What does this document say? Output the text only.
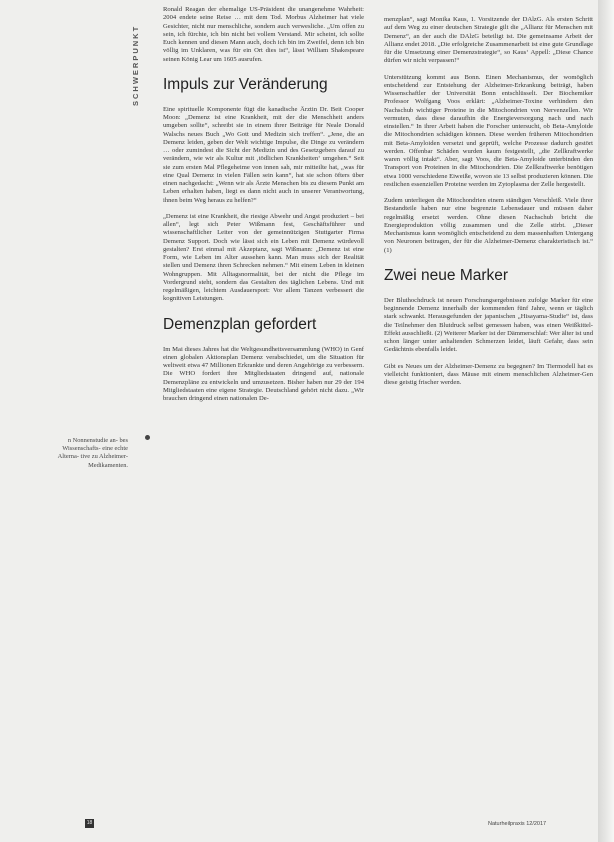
SCHWERPUNKT
n Nonnenstudie an- bes Wissenschafts- eine echte Alterna- tive zu Alzheimer- Medikamenten.

Ronald Reagan der ehemalige US-Präsident die unangenehme Wahrheit: 2004 endete seine Reise … mit dem Tod. Morbus Alzheimer hat viele Gesichter, nicht nur menschliche, sondern auch verwesliche. „Um offen zu sein, ich fürchte, ich bin nicht bei vollem Verstand. Mir scheint, ich sollte Euch kennen und diesen Mann auch, doch ich bin im Zweifel, denn ich bin völlig im Unklaren, was für ein Ort dies ist“, lässt William Shakespeare seinen König Lear um 1605 ausrufen.

Impuls zur Veränderung

Eine spirituelle Komponente fügt die kanadische Ärztin Dr. Beit Cooper Moon: „Demenz ist eine Krankheit, mit der die Menschheit anders umgeben sollte“, schreibt sie in einem ihrer Beiträge für Neale Donald Walschs neues Buch „Wo Gott und Medizin sich treffen“. „Jene, die an Demenz leiden, geben der Welt wichtige Impulse, die Dinge zu verändern … oder zumindest die Sicht der Medizin und des Gesetzgebers darauf zu verändern, wie wir als Kultur mit ‚tödlichen Krankheiten‘ umgehen.“ Seit sie zum ersten Mal Pflegeheime von innen sah, mir mitteilte hat, „was für eine Qual Demenz in vielen Fällen sein kann“, hat sie schon öfters über einen nachgedacht: „Wenn wir als Ärzte Menschen bis zu diesem Punkt am Leben erhalten haben, liegt es dann nicht auch in unserer Verantwortung, ihnen beim Weg heraus zu helfen?“

„Demenz ist eine Krankheit, die riesige Abwehr und Angst produziert – bei allen“, legt sich Peter Wißmann fest, Geschäftsführer und wissenschaftlicher Leiter von der gemeinnützigen Stuttgarter Firma Demenz Support. Doch wie lässt sich ein Leben mit Demenz würdevoll gestalten? Erst einmal mit Akzeptanz, sagt Wißmann: „Demenz ist eine Form, wie Leben im Alter aussehen kann. Man muss sich der Realität stellen und Demenz ihren Schrecken nehmen.“ Mit einem Leben in kleinen Wohngruppen. Mit Alltagsnormalität, bei der nicht die Pflege im Vordergrund steht, sondern das Gestalten des täglichen Lebens. Und mit regelmäßigen, leichtem Ausdauersport: Vor allem Tanzen verbessert die kognitiven Leistungen.

Demenzplan gefordert

Im Mai dieses Jahres hat die Weltgesundheitsversammlung (WHO) in Genf einen globalen Aktionsplan Demenz verabschiedet, um die Situation für weltweit etwa 47 Millionen Erkrankte und deren Angehörige zu verbessern. Die WHO fordert ihre Mitgliedstaaten dringend auf, nationale Demenzpläne zu entwickeln und umzusetzen. Bisher haben nur 29 der 194 Mitgliedstaaten eine eigene Strategie. Deutschland gehört nicht dazu. „Wir brauchen dringend einen nationalen De-

menzplan“, sagt Monika Kaus, 1. Vorsitzende der DAlzG. Als ersten Schritt auf dem Weg zu einer deutschen Strategie gilt die „Allianz für Menschen mit Demenz“, an der auch die DAlzG beteiligt ist. Die gemeinsame Arbeit der Allianz endet 2018. „Die erfolgreiche Zusammenarbeit ist eine gute Grundlage für die Umsetzung einer Demenzstrategie“, so Kaus‘ Appell: „Diese Chance dürfen wir nicht verpassen!“

Unterstützung kommt aus Bonn. Einen Mechanismus, der womöglich entscheidend zur Entstehung der Alzheimer-Erkrankung beiträgt, haben Wissenschaftler der Universität Bonn entschlüsselt. Der Biochemiker Professor Wolfgang Voos erklärt: „Alzheimer-Toxine verhindern den Nachschub wichtiger Proteine in die Mitochondrien von Nervenzellen. Wir vermuten, dass diese daraufhin die Energieversorgung nach und nach einstellen.“ In ihrer Arbeit haben die Forscher untersucht, ob Beta-Amyloide die Mitochondrien schädigen können. Diese werden früheren Mitochondrien mit Beta-Amyloiden versetzt und geprüft, welche Prozesse dadurch gestört werden. Offenbar Schäden wurden kaum festgestellt, „die Zellkraftwerke waren völlig intakt“. Aber, sagt Voos, die Beta-Amyloide unterbinden den Transport von Proteinen in die Mitochondrien. Die Zellkraftwerke benötigen etwa 1000 verschiedene Eiweiße, wovon sie 13 selbst produzieren können. Die restlichen essenziellen Proteine werden im Zytoplasma der Zelle hergestellt.

Zudem unterliegen die Mitochondrien einem ständigen Verschleiß. Viele ihrer Bestandteile haben nur eine begrenzte Lebensdauer und müssen daher regelmäßig ersetzt werden. Ohne diesen Nachschub bricht die Energieproduktion völlig zusammen und die Zelle stirbt. „Dieser Mechanismus kann womöglich entscheidend zu dem massenhaften Untergang von Neuronen beitragen, der für die Alzheimer-Demenz charakteristisch ist.“ (1)

Zwei neue Marker

Der Bluthochdruck ist neuen Forschungsergebnissen zufolge Marker für eine beginnende Demenz innerhalb der kommenden fünf Jahre, wenn er täglich stark schwankt. Herausgefunden der japanischen „Hisayama-Studie“ ist, dass die Teilnehmer den Blutdruck selbst gemessen haben, was einen Weißkittel-Effekt ausschließt. (2) Weiterer Marker ist der Dämmerschlaf: Wer älter ist und schon länger unter anhaltenden Schmerzen leidet, läuft Gefahr, dass sein Gedächtnis ebenfalls leidet.

Gibt es Neues um der Alzheimer-Demenz zu begegnen? Im Tiermodell hat es vielleicht funktioniert, dass Mäuse mit einem menschlichen Alzheimer-Gen diese geistig frischer werden.

18	Naturheilpraxis 12/2017
